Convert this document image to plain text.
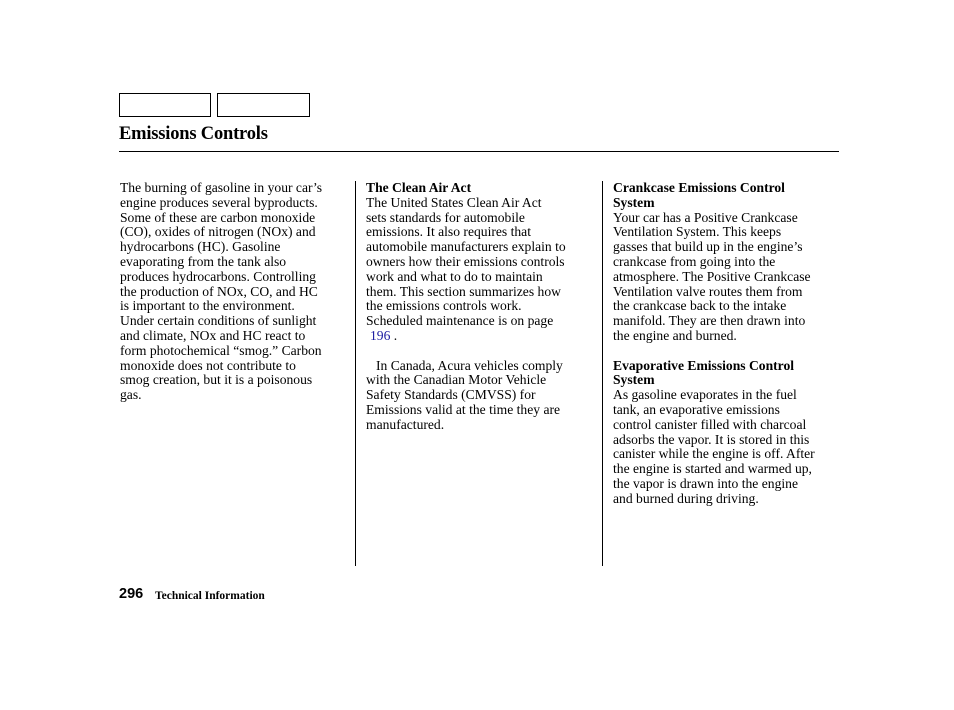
Emissions Controls

The burning of gasoline in your car’s
engine produces several byproducts.
Some of these are carbon monoxide
(CO), oxides of nitrogen (NOx) and
hydrocarbons (HC). Gasoline
evaporating from the tank also
produces hydrocarbons. Controlling
the production of NOx, CO, and HC
is important to the environment.
Under certain conditions of sunlight
and climate, NOx and HC react to
form photochemical “smog.” Carbon
monoxide does not contribute to
smog creation, but it is a poisonous
gas.

The Clean Air Act

The United States Clean Air Act
sets standards for automobile
emissions. It also requires that
automobile manufacturers explain to
owners how their emissions controls
work and what to do to maintain
them. This section summarizes how
the emissions controls work.
Scheduled maintenance is on page
196 .

In Canada, Acura vehicles comply
with the Canadian Motor Vehicle
Safety Standards (CMVSS) for
Emissions valid at the time they are
manufactured.

Crankcase Emissions Control
System

Your car has a Positive Crankcase
Ventilation System. This keeps
gasses that build up in the engine’s
crankcase from going into the
atmosphere. The Positive Crankcase
Ventilation valve routes them from
the crankcase back to the intake
manifold. They are then drawn into
the engine and burned.

Evaporative Emissions Control
System

As gasoline evaporates in the fuel
tank, an evaporative emissions
control canister filled with charcoal
adsorbs the vapor. It is stored in this
canister while the engine is off. After
the engine is started and warmed up,
the vapor is drawn into the engine
and burned during driving.

296 Technical Information
